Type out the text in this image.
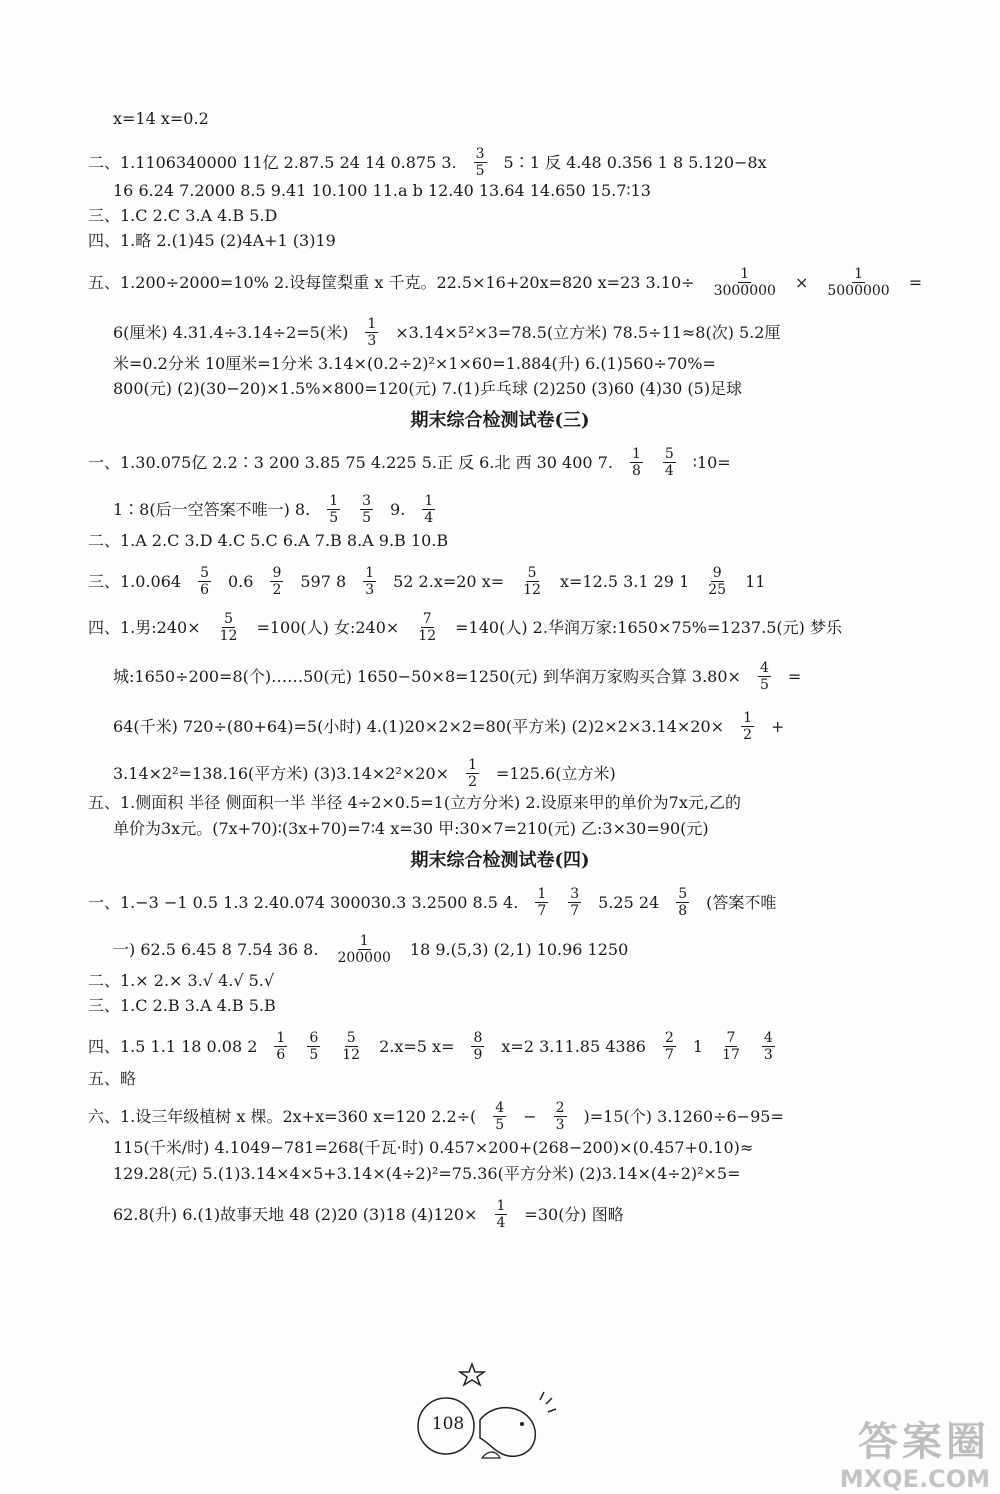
x=14 x=0.2
二、1.1106340000 11亿 2.87.5 24 14 0.875 3. $\frac{3}{5}$ 5∶1 反 4.48 0.356 1 8 5.120−8x
16 6.24 7.2000 8.5 9.41 10.100 11.a b 12.40 13.64 14.650 15.7∶13
三、1.C 2.C 3.A 4.B 5.D
四、1.略 2.(1)45 (2)4A+1 (3)19
五、1.200÷2000=10% 2.设每筐梨重 x 千克。22.5×16+20x=820 x=23 $3.10\div \frac{1}{3000000} \times \frac{1}{5000000}$ =
6(厘米) 4.31.4÷3.14÷2=5(米) $\frac{1}{3} \times 3.14\times 5^2\times 3=78.5$(立方米) 78.5÷11≈8(次) 5.2厘
米=0.2分米 10厘米=1分米 3.14×(0.2÷2)²×1×60=1.884(升) 6.(1)560÷70%=
800(元) (2)(30−20)×1.5%×800=120(元) 7.(1)乒乓球 (2)250 (3)60 (4)30 (5)足球
一、1.30.075亿 2.2∶3 200 3.85 75 4.225 5.正 反 6.北 西 30 400 7. $\frac{1}{8} \frac{5}{4}$ ∶10=
1∶8(后一空答案不唯一) 8. $\frac{1}{5} \frac{3}{5} 9$. $\frac{1}{4}$
二、1.A 2.C 3.D 4.C 5.C 6.A 7.B 8.A 9.B 10.B
三、$1.0.064 \frac{5}{6} 0.6 \frac{9}{2} 597$ $8 \frac{1}{3} 52$ 2.x=20 $x= \frac{5}{12} x=12.5$ 3.1 29 $1 \frac{9}{25} 11$
四、1.男:240× $\frac{5}{12} =100$(人) 女:240× $\frac{7}{12} =140$(人) 2.华润万家:1650×75%=1237.5(元) 梦乐
城:1650÷200=8(个)……50(元) 1650−50×8=1250(元) 到华润万家购买合算 $3.80\times \frac{4}{5}$ =
64(千米) 720÷(80+64)=5(小时) 4.(1)20×2×2=80(平方米) $(2)2\times 2\times 3.14\times 20\times \frac{1}{2}$ +
3.14×2²=138.16(平方米) $(3)3.14\times 2^2\times 20\times \frac{1}{2} =125.6$(立方米)
五、1.侧面积 半径 侧面积一半 半径 4÷2×0.5=1(立方分米) 2.设原来甲的单价为7x元,乙的
单价为3x元。(7x+70)∶(3x+70)=7∶4 x=30 甲:30×7=210(元) 乙:3×30=90(元)
一、1.−3 −1 0.5 1.3 2.40.074 300030.3 3.2500 8.5 4. $\frac{1}{7} \frac{3}{7} 5.25$ $24 \frac{5}{8}$ (答案不唯
一) 62.5 6.45 8 7.54 36 8. $\frac{1}{200000} 18$ 9.(5,3) (2,1) 10.96 1250
二、1.× 2.× 3.√ 4.√ 5.√
三、1.C 2.B 3.A 4.B 5.B
四、1.5 1.1 18 0.08 $2 \frac{1}{6} \frac{6}{5} \frac{5}{12} 2.x=5$ $x= \frac{8}{9} x=2$ 3.11.85 $4386 \frac{2}{7} 1 \frac{7}{17} \frac{4}{3}$
五、略
六、1.设三年级植树 x 棵。2x+x=360 x=120 $2.2\div( \frac{4}{5} - \frac{2}{3} )=15$(个) 3.1260÷6−95=
115(千米/时) 4.1049−781=268(千瓦·时) 0.457×200+(268−200)×(0.457+0.10)≈
129.28(元) 5.(1)3.14×4×5+3.14×(4÷2)²=75.36(平方分米) (2)3.14×(4÷2)²×5=
62.8(升) 6.(1)故事天地 48 (2)20 (3)18 $(4)120\times \frac{1}{4} =30$(分) 图略
期末综合检测试卷(三)
期末综合检测试卷(四)
108	答案圈
MXQE.COM
